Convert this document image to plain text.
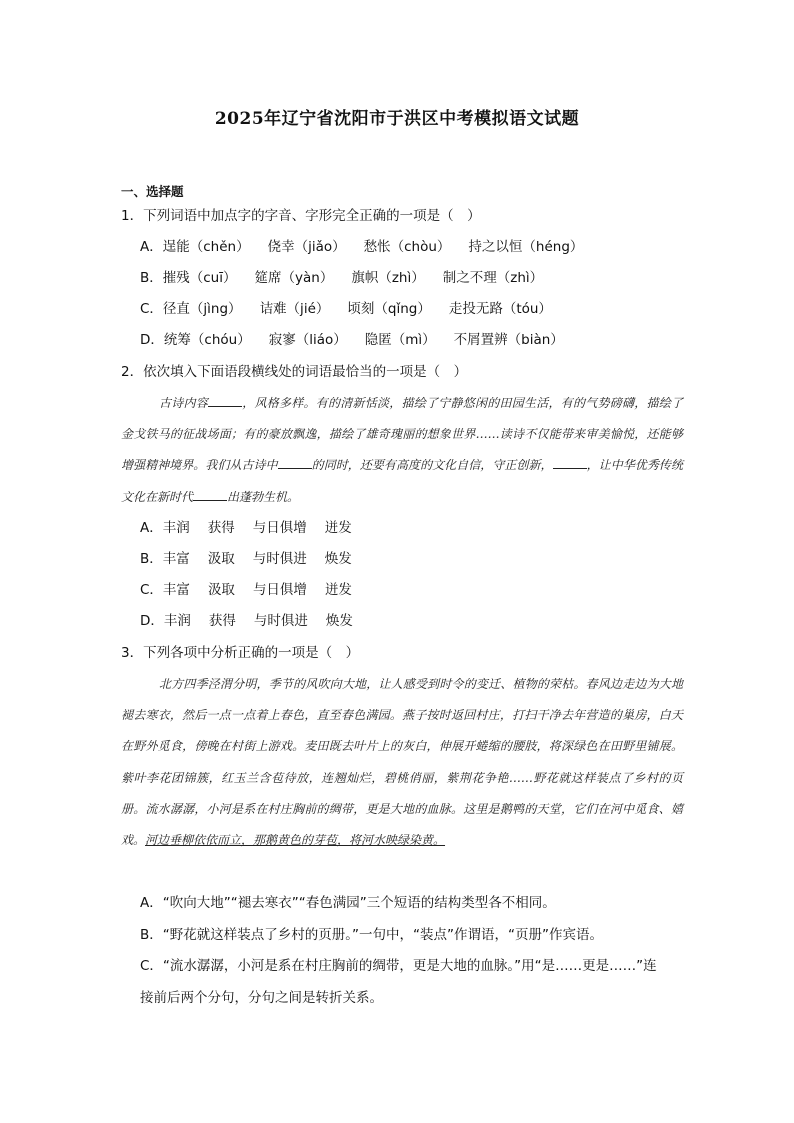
2025年辽宁省沈阳市于洪区中考模拟语文试题
一、选择题
1．下列词语中加点字的字音、字形完全正确的一项是（　）
A．逞能（chěn） 侥幸（jiǎo） 愁怅（chòu） 持之以恒（héng）
B．摧残（cuī） 筵席（yàn） 旗帜（zhì） 制之不理（zhì）
C．径直（jìng） 诘难（jié） 顷刻（qǐng） 走投无路（tóu）
D．统筹（chóu） 寂寥（liáo） 隐匿（mì） 不屑置辨（biàn）
2．依次填入下面语段横线处的词语最恰当的一项是（　）

古诗内容	，风格多样。有的清新恬淡，描绘了宁静悠闲的田园生活，有的气势磅礴，描绘了金戈铁马的征战场面；有的豪放飘逸，描绘了雄奇瑰丽的想象世界……读诗不仅能带来审美愉悦，还能够增强精神境界。我们从古诗中	的同时，还要有高度的文化自信，守正创新，	，让中华优秀传统文化在新时代	出蓬勃生机。

A．丰润 获得 与日俱增 迸发
B．丰富 汲取 与时俱进 焕发
C．丰富 汲取 与日俱增 迸发
D．丰润 获得 与时俱进 焕发
3．下列各项中分析正确的一项是（　）

北方四季泾渭分明，季节的风吹向大地，让人感受到时令的变迁、植物的荣枯。春风边走边为大地褪去寒衣，然后一点一点着上春色，直至春色满园。燕子按时返回村庄，打扫干净去年营造的巢房，白天在野外觅食，傍晚在村街上游戏。麦田既去叶片上的灰白，伸展开蜷缩的腰肢，将深绿色在田野里铺展。紫叶李花团锦簇，红玉兰含苞待放，连翘灿烂，碧桃俏丽，紫荆花争艳……野花就这样装点了乡村的页册。流水潺潺，小河是系在村庄胸前的绸带，更是大地的血脉。这里是鹅鸭的天堂，它们在河中觅食、嬉戏。河边垂柳依依而立，那鹅黄色的芽苞，将河水映绿染黄。

A．“吹向大地”“褪去寒衣”“春色满园”三个短语的结构类型各不相同。
B．“野花就这样装点了乡村的页册。”一句中，“装点”作谓语，“页册”作宾语。
C．“流水潺潺，小河是系在村庄胸前的绸带，更是大地的血脉。”用“是……更是……”连
接前后两个分句，分句之间是转折关系。
